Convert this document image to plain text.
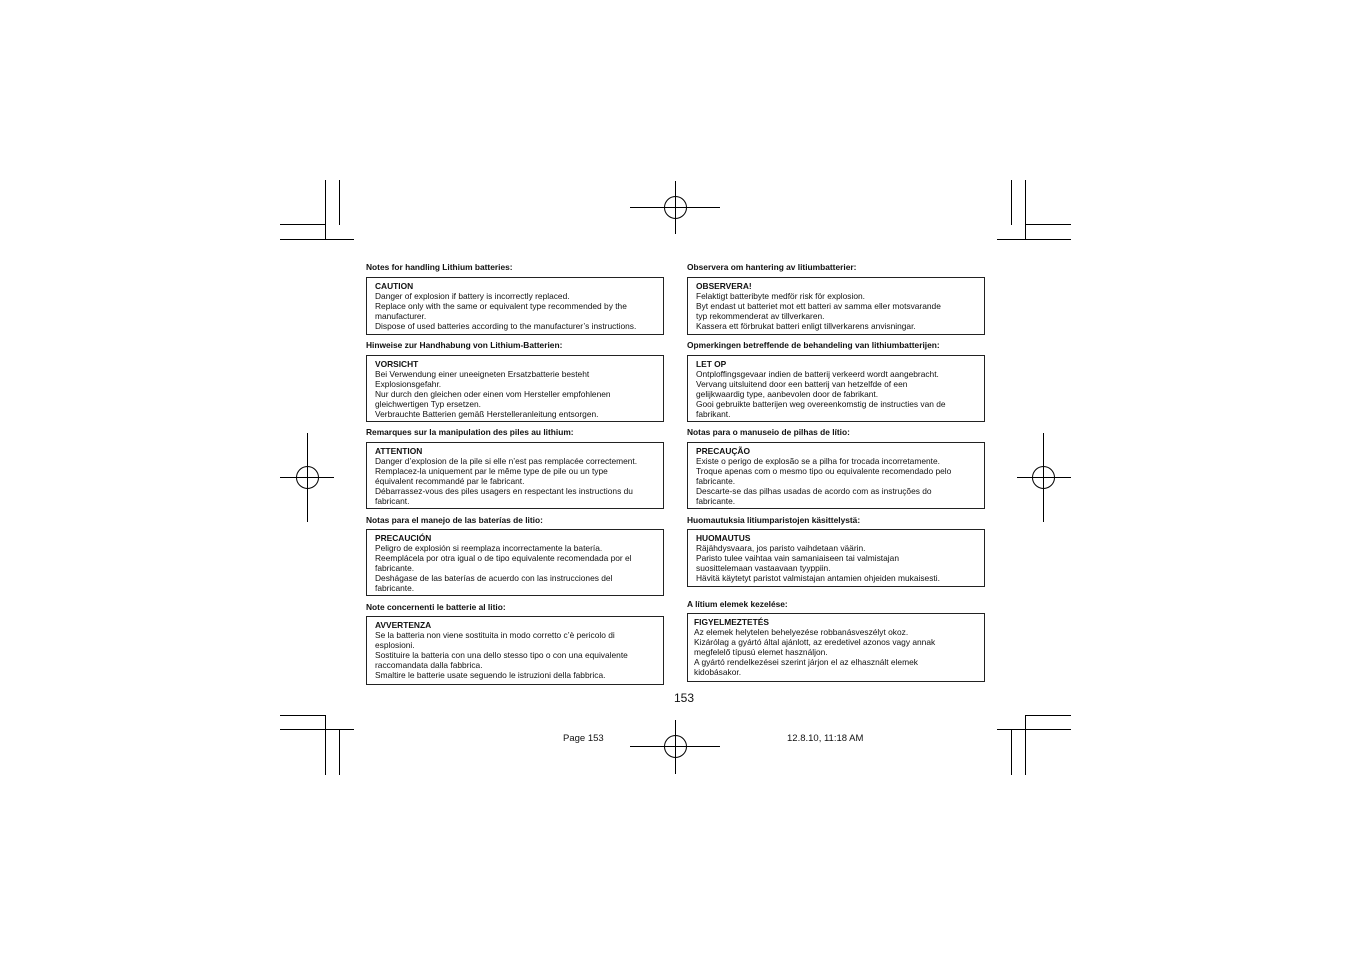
Notes for handling Lithium batteries:
CAUTION
Danger of explosion if battery is incorrectly replaced.
Replace only with the same or equivalent type recommended by the
manufacturer.
Dispose of used batteries according to the manufacturer’s instructions.
Hinweise zur Handhabung von Lithium-Batterien:
VORSICHT
Bei Verwendung einer uneeigneten Ersatzbatterie besteht
Explosionsgefahr.
Nur durch den gleichen oder einen vom Hersteller empfohlenen
gleichwertigen Typ ersetzen.
Verbrauchte Batterien gemäß Herstelleranleitung entsorgen.
Remarques sur la manipulation des piles au lithium:
ATTENTION
Danger d’explosion de la pile si elle n’est pas remplacée correctement.
Remplacez-la uniquement par le même type de pile ou un type
équivalent recommandé par le fabricant.
Débarrassez-vous des piles usagers en respectant les instructions du
fabricant.
Notas para el manejo de las baterías de litio:
PRECAUCIÓN
Peligro de explosión si reemplaza incorrectamente la batería.
Reemplácela por otra igual o de tipo equivalente recomendada por el
fabricante.
Deshágase de las baterías de acuerdo con las instrucciones del
fabricante.
Note concernenti le batterie al litio:
AVVERTENZA
Se la batteria non viene sostituita in modo corretto c’è pericolo di
esplosioni.
Sostituire la batteria con una dello stesso tipo o con una equivalente
raccomandata dalla fabbrica.
Smaltire le batterie usate seguendo le istruzioni della fabbrica.
Observera om hantering av litiumbatterier:
OBSERVERA!
Felaktigt batteribyte medför risk för explosion.
Byt endast ut batteriet mot ett batteri av samma eller motsvarande
typ rekommenderat av tillverkaren.
Kassera ett förbrukat batteri enligt tillverkarens anvisningar.
Opmerkingen betreffende de behandeling van lithiumbatterijen:
LET OP
Ontploffingsgevaar indien de batterij verkeerd wordt aangebracht.
Vervang uitsluitend door een batterij van hetzelfde of een
gelijkwaardig type, aanbevolen door de fabrikant.
Gooi gebruikte batterijen weg overeenkomstig de instructies van de
fabrikant.
Notas para o manuseio de pilhas de lítio:
PRECAUÇÃO
Existe o perigo de explosão se a pilha for trocada incorretamente.
Troque apenas com o mesmo tipo ou equivalente recomendado pelo
fabricante.
Descarte-se das pilhas usadas de acordo com as instruções do
fabricante.
Huomautuksia litiumparistojen käsittelystä:
HUOMAUTUS
Räjähdysvaara, jos paristo vaihdetaan väärin.
Paristo tulee vaihtaa vain samaniaiseen tai valmistajan
suosittelemaan vastaavaan tyyppiin.
Hävitä käytetyt paristot valmistajan antamien ohjeiden mukaisesti.
A lítium elemek kezelése:
FIGYELMEZTETÉS
Az elemek helytelen behelyezése robbanásveszélyt okoz.
Kizárólag a gyártó által ajánlott, az eredetivel azonos vagy annak
megfelelő típusú elemet használjon.
A gyártó rendelkezései szerint járjon el az elhasznált elemek
kidobásakor.
153
Page 153	12.8.10, 11:18 AM
